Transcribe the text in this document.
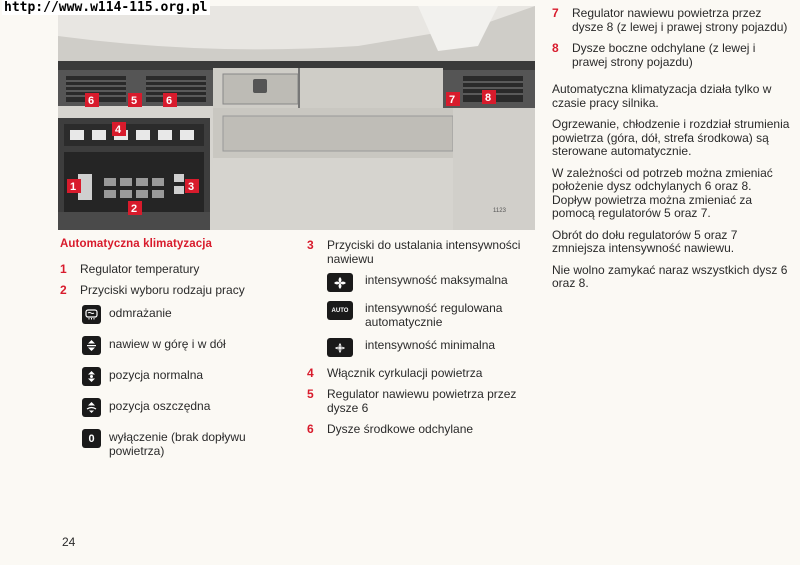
http://www.w114-115.org.pl
6	5	6
4
1
2
3
7	8
1123
Automatyczna klimatyzacja
1	Regulator temperatury
2	Przyciski wyboru rodzaju pracy
odmrażanie
nawiew w górę i w dół
pozycja normalna
pozycja oszczędna
0	wyłączenie (brak dopływu powietrza)
3	Przyciski do ustalania intensywności nawiewu
intensywność maksymalna
AUTO	intensywność regulowana automatycznie
intensywność minimalna
4	Włącznik cyrkulacji powietrza
5	Regulator nawiewu powietrza przez dysze 6
6	Dysze środkowe odchylane
7	Regulator nawiewu powietrza przez dysze 8 (z lewej i prawej strony pojazdu)
8	Dysze boczne odchylane (z lewej i prawej strony pojazdu)

Automatyczna klimatyzacja działa tylko w czasie pracy silnika.

Ogrzewanie, chłodzenie i rozdział strumienia powietrza (góra, dół, strefa środkowa) są sterowane automatycznie.

W zależności od potrzeb można zmieniać położenie dysz odchylanych 6 oraz 8. Dopływ powietrza można zmieniać za pomocą regulatorów 5 oraz 7.

Obrót do dołu regulatorów 5 oraz 7 zmniejsza intensywność nawiewu.

Nie wolno zamykać naraz wszystkich dysz 6 oraz 8.

24
